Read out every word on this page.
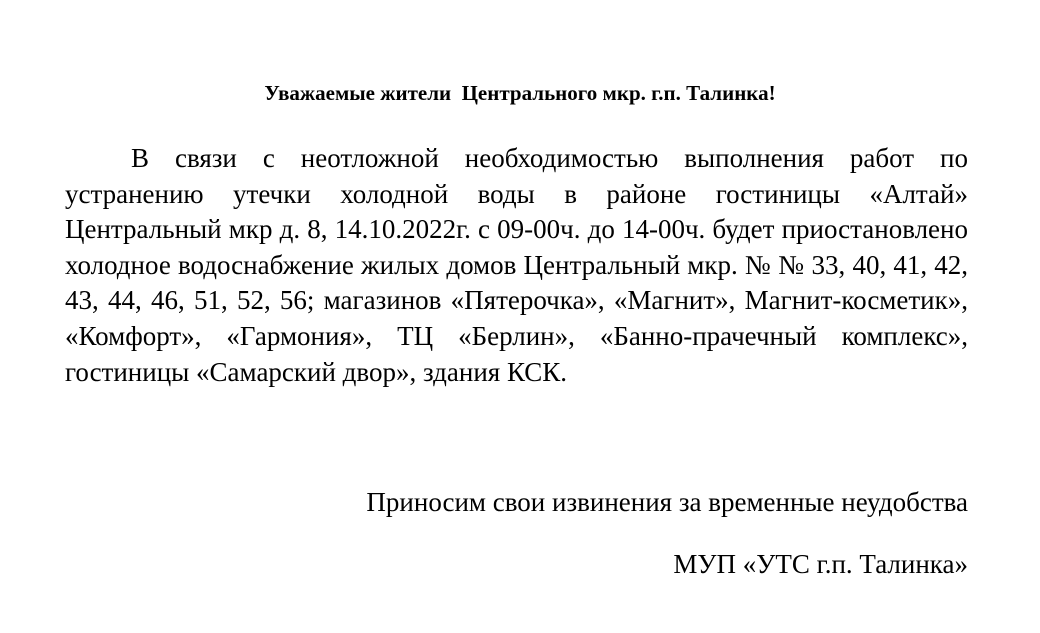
Уважаемые жители  Центрального мкр. г.п. Талинка!
В связи с неотложной необходимостью выполнения работ по устранению утечки холодной воды в районе гостиницы «Алтай» Центральный мкр д. 8, 14.10.2022г. с 09-00ч. до 14-00ч. будет приостановлено холодное водоснабжение жилых домов Центральный мкр. № № 33, 40, 41, 42, 43, 44, 46, 51, 52, 56; магазинов «Пятерочка», «Магнит», Магнит-косметик», «Комфорт», «Гармония», ТЦ «Берлин», «Банно-прачечный комплекс», гостиницы «Самарский двор», здания КСК.
Приносим свои извинения за временные неудобства
МУП «УТС г.п. Талинка»
